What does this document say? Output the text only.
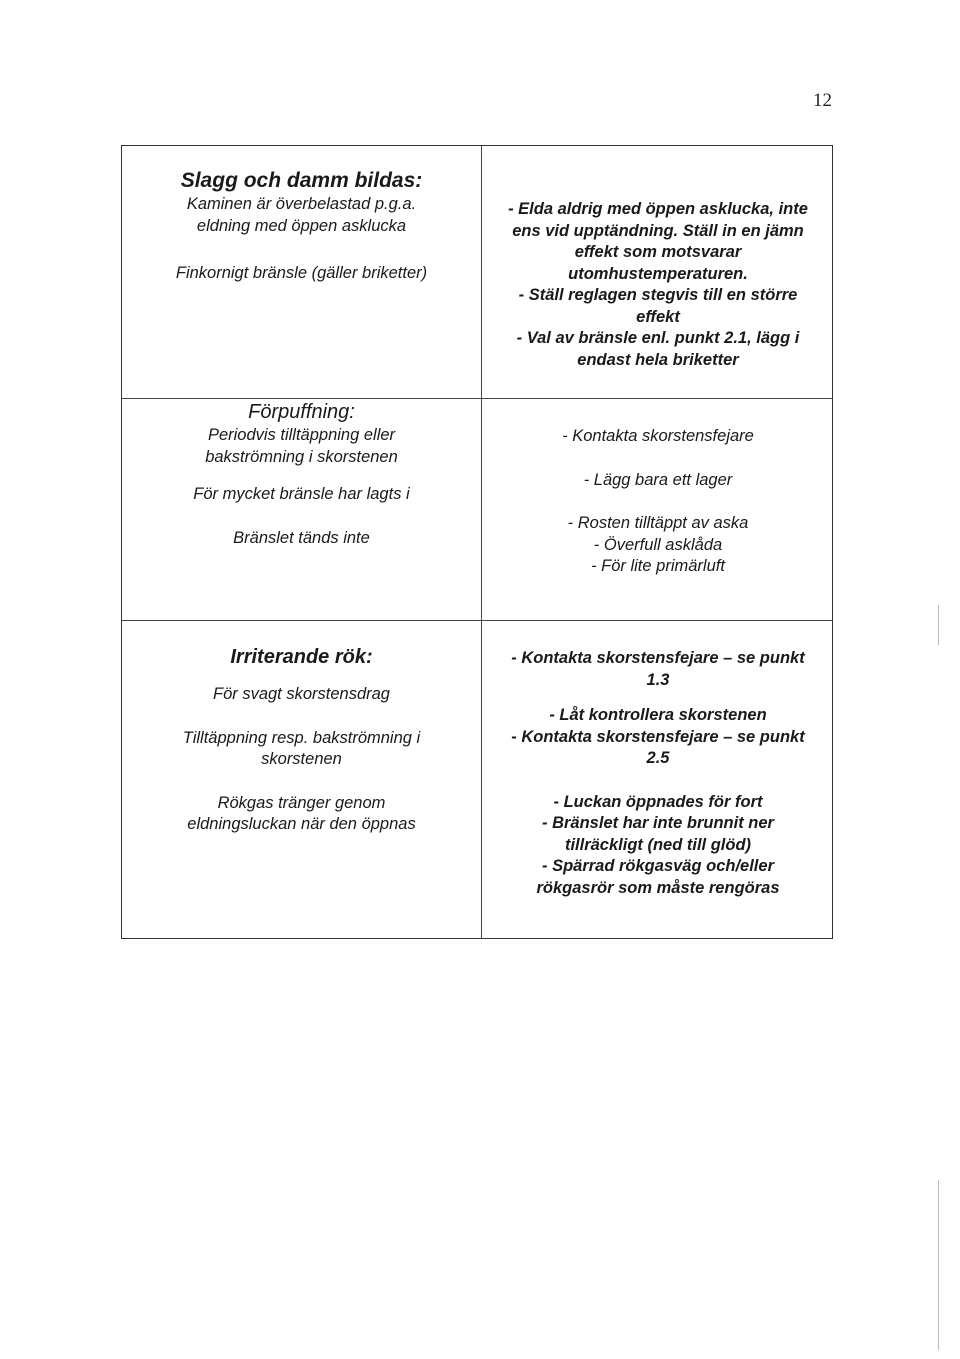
12
Slagg och damm bildas:
Kaminen är överbelastad p.g.a.
eldning med öppen asklucka
Finkornigt bränsle (gäller briketter)
- Elda aldrig med öppen asklucka, inte
ens vid upptändning. Ställ in en jämn
effekt som motsvarar
utomhustemperaturen.
- Ställ reglagen stegvis till en större
effekt
- Val av bränsle enl. punkt 2.1, lägg i
endast hela briketter
Förpuffning:
Periodvis tilltäppning eller
bakströmning i skorstenen
För mycket bränsle har lagts i
Bränslet tänds inte
- Kontakta skorstensfejare
- Lägg bara ett lager
- Rosten tilltäppt av aska
- Överfull asklåda
- För lite primärluft
Irriterande rök:
För svagt skorstensdrag
Tilltäppning resp. bakströmning i
skorstenen
Rökgas tränger genom
eldningsluckan när den öppnas
- Kontakta skorstensfejare – se punkt
1.3
- Låt kontrollera skorstenen
- Kontakta skorstensfejare – se punkt
2.5
- Luckan öppnades för fort
- Bränslet har inte brunnit ner
tillräckligt (ned till glöd)
- Spärrad rökgasväg och/eller
rökgasrör som måste rengöras
